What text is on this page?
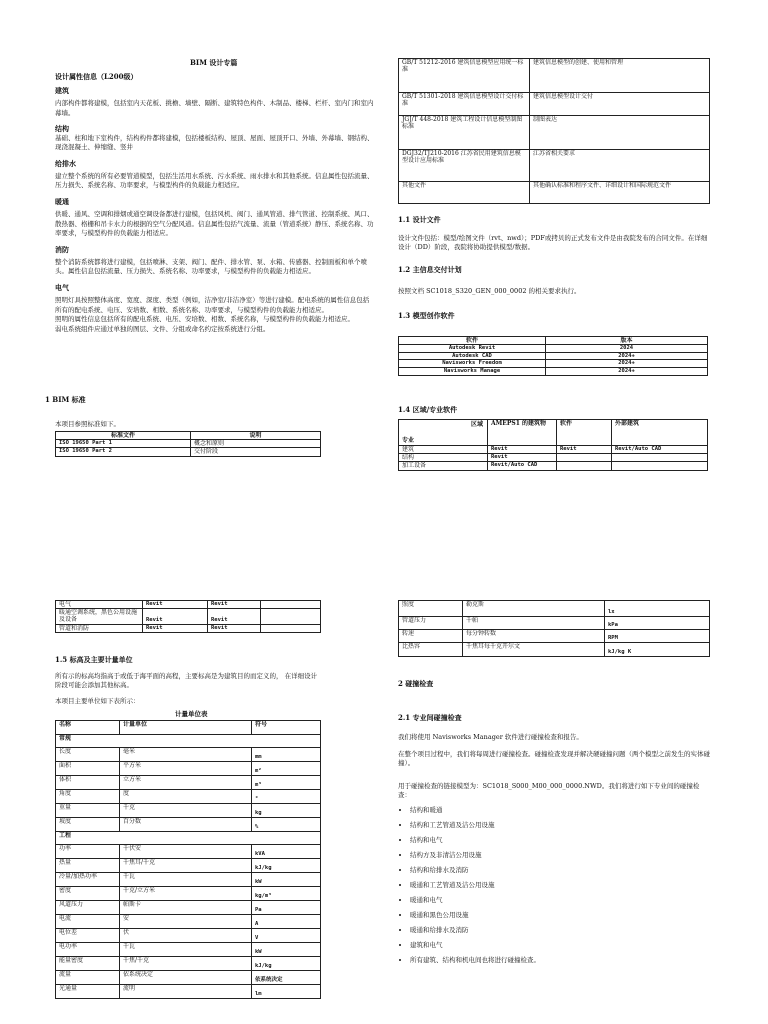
BIM 设计专篇
设计属性信息（L200级）
建筑

内部构件都将建模，包括室内天花板、挑檐、墙壁、隔断、建筑特色构件、木制品、楼梯、栏杆、室内门和室内幕墙。

结构

基础、柱和地下室构件，结构构件都将建模，包括楼板结构、屋顶、屋面、屋顶开口、外墙、外幕墙、钢结构、现浇混凝土、伸缩缝、竖井

给排水

建立整个系统的所有必要管道模型，包括生活用水系统、污水系统、雨水排水和其他系统。信息属性包括流量、压力损失、系统名称、功率要求，与模型构件的负载能力相适应。

暖通

供暖、通风、空调和排烟或通空调设备都进行建模，包括风机、阀门、通风管道、排气管道、控制系统、风口、散热器、格栅和吊卡水力的根据的空气分配风道。信息属性包括气流量、流量（管道系统）静压、系统名称、功率要求，与模型构件的负载能力相适应。

消防

整个消防系统都将进行建模，包括喷淋、支架、阀门、配件、排水管、泵、水箱、传感器、控制面板和单个喷头。属性信息包括流量、压力损失、系统名称、功率要求，与模型构件的负载能力相适应。

电气

照明灯具按照整体高度、宽度、深度、类型（例如，洁净室/非洁净室）等进行建模。配电系统的属性信息包括所有的配电系统、电压、安培数、相数、系统名称、功率要求，与模型构件的负载能力相适应。

照明的属性信息包括所有的配电系统、电压、安培数、相数、系统名称，与模型构件的负载能力相适应。

弱电系统组件应通过单独的图层、文件、分组或命名约定按系统进行分组。

1 BIM 标准
本项目参照标准如下。
标准文件	说明
ISO 19650 Part 1	概念和原则
ISO 19650 Part 2	交付阶段
GB/T 51212-2016 建筑信息模型应用统一标准	建筑信息模型的创建、使用和管理
GB/T 51301-2018 建筑信息模型设计交付标准	建筑信息模型设计交付
JGJ/T 448-2018 建筑工程设计信息模型制图标准	制图表达
DGJ32/TJ210-2016 江苏省民用建筑信息模型设计应用标准	江苏省相关要求
其他文件	其他确认标准和程序文件、详细设计和国际规范文件
1.1 设计文件

设计文件包括：模型/绘图文件（rvt、nwd）；PDF或拷贝的正式发布文件是由我院发布的合同文件。在详细设计（DD）阶段，我院将协助提供模型/数据。

1.2 主信息交付计划

按照文档 SC1018_S320_GEN_000_0002 的相关要求执行。

1.3 模型创作软件
软件	版本
Autodesk Revit	2024
Autodesk CAD	2024+
Navisworks Freedom	2024+
Navisworks Manage	2024+
1.4 区域/专业软件
区域
专业	AMEPS1 的建筑物	软件	外部建筑
建筑	Revit	Revit	Revit/Auto CAD
结构	Revit		
加工设备	Revit/Auto CAD		
电气	Revit	Revit	
暖通空调系统，黑色公用设施及设备	Revit	Revit	
管道和消防	Revit	Revit	
1.5 标高及主要计量单位

所有示的标高均指高于或低于海平面的高程，主要标高是为建筑目的而定义的， 在详细设计阶段可能会添加其他标高。

本项目主要单位如下表所示：
计量单位表
名称	计量单位	符号
常规		
长度	毫米	mm
面积	平方米	m²
体积	立方米	m³
角度	度	°
重量	千克	kg
坡度	百分数	%
工程		
功率	千伏安	kVA
热量	千焦耳/千克	kJ/kg
冷量/加热功率	千瓦	kW
密度	千克/立方米	kg/m³
风道压力	帕斯卡	Pa
电流	安	A
电位差	伏	V
电功率	千瓦	kW
能量密度	千焦/千克	kJ/kg
流量	依系统决定	依系统决定
光通量	流明	lm
照度	勒克斯	lx
管道压力	千帕	kPa
转速	每分钟转数	RPM
比热容	千焦耳每千克开尔文	kJ/kg K
2 碰撞检查
2.1 专业间碰撞检查

我们将使用 Navisworks Manager 软件进行碰撞检查和报告。

在整个项目过程中，我们将每周进行碰撞检查。碰撞检查发现并解决硬碰撞问题（两个模型之前发生的实体碰撞）。

用于碰撞检查的链接模型为：SC1018_S000_M00_000_0000.NWD。我们将进行如下专业间的碰撞检查：

• 结构和暖通
• 结构和工艺管道及洁公用设施
• 结构和电气
• 结构方及非清洁公用设施
• 结构和给排水及消防
• 暖通和工艺管道及洁公用设施
• 暖通和电气
• 暖通和黑色公用设施
• 暖通和给排水及消防
• 建筑和电气
• 所有建筑、结构和机电间也将进行碰撞检查。
